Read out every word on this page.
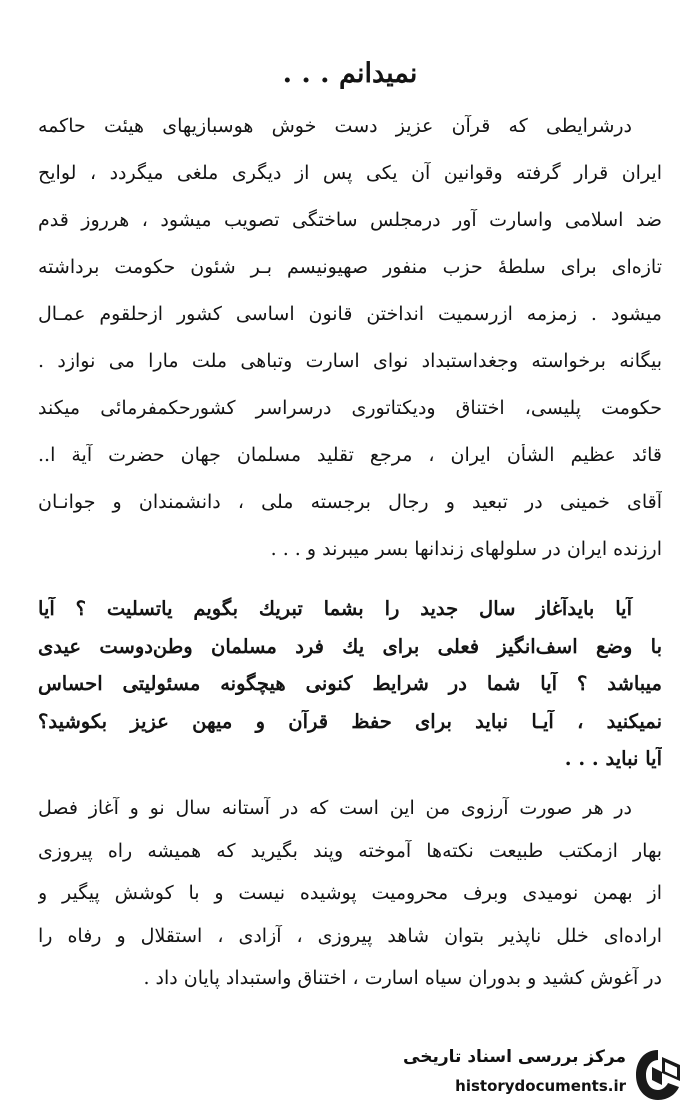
نمیدانم . . .
درشرایطی که قرآن عزیز دست خوش هوسبازیهای هیئت حاکمه
ایران قرار گرفته وقوانین آن یکی پس از دیگری ملغی میگردد ، لوایح
ضد اسلامی واسارت آور درمجلس ساختگی تصویب میشود ، هرروز قدم
تازه‌ای برای سلطهٔ حزب منفور صهیونیسم بـر شئون حکومت برداشته
میشود . زمزمه ازرسمیت انداختن قانون اساسی کشور ازحلقوم عمـال
بیگانه برخواسته وجغداستبداد نوای اسارت وتباهی ملت مارا می نوازد .
حکومت پلیسی، اختناق ودیکتاتوری درسراسر کشورحکمفرمائی میکند
قائد عظیم الشأن ایران ، مرجع تقلید مسلمان جهان حضرت آیة ا..
آقای خمینی در تبعید و رجال برجسته ملی ، دانشمندان و جوانـان
ارزنده ایران در سلولهای زندانها بسر میبرند و . . .
آیا بایدآغاز سال جدید را بشما تبریك بگویم یاتسلیت ؟ آیا
با وضع اسف‌انگیز فعلی برای یك فرد مسلمان وطن‌دوست عیدی
میباشد ؟ آیا شما در شرایط کنونی هیچگونه مسئولیتی احساس
نمیکنید ، آیـا نباید برای حفظ قرآن و میهن عزیز بکوشید؟
آیا نباید . . .
در هر صورت آرزوی من این است که در آستانه سال نو و آغاز فصل
بهار ازمکتب طبیعت نکته‌ها آموخته وپند بگیرید که همیشه راه پیروزی
از بهمن نومیدی وبرف محرومیت پوشیده نیست و با کوشش پیگیر و
اراده‌ای خلل ناپذیر بتوان شاهد پیروزی ، آزادی ، استقلال و رفاه را
در آغوش کشید و بدوران سیاه اسارت ، اختناق واستبداد پایان داد .
مرکز بررسی اسناد تاریخی
historydocuments.ir
